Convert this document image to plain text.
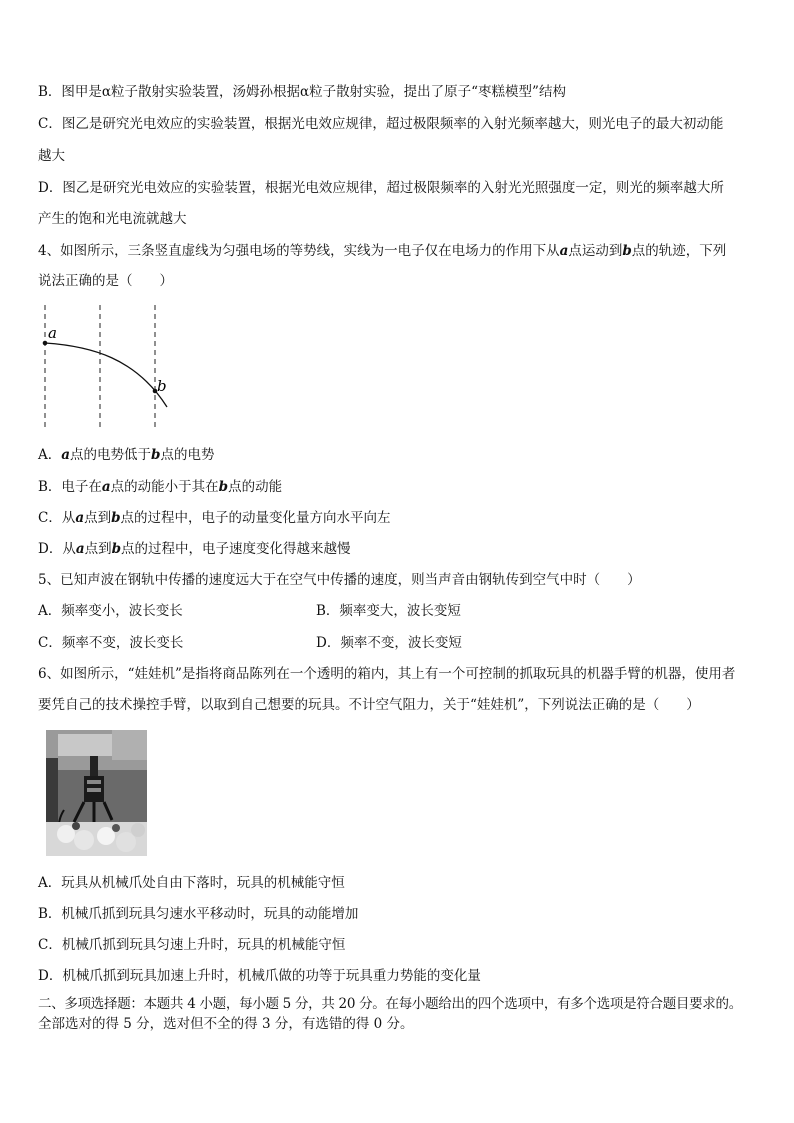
B．图甲是α粒子散射实验装置，汤姆孙根据α粒子散射实验，提出了原子“枣糕模型”结构
C．图乙是研究光电效应的实验装置，根据光电效应规律，超过极限频率的入射光频率越大，则光电子的最大初动能
越大
D．图乙是研究光电效应的实验装置，根据光电效应规律，超过极限频率的入射光光照强度一定，则光的频率越大所
产生的饱和光电流就越大
4、如图所示，三条竖直虚线为匀强电场的等势线，实线为一电子仅在电场力的作用下从a点运动到b点的轨迹，下列
说法正确的是（　　）
a
b
A．a点的电势低于b点的电势
B．电子在a点的动能小于其在b点的动能
C．从a点到b点的过程中，电子的动量变化量方向水平向左
D．从a点到b点的过程中，电子速度变化得越来越慢
5、已知声波在钢轨中传播的速度远大于在空气中传播的速度，则当声音由钢轨传到空气中时（　　）
A．频率变小，波长变长	B．频率变大，波长变短
C．频率不变，波长变长	D．频率不变，波长变短
6、如图所示，“娃娃机”是指将商品陈列在一个透明的箱内，其上有一个可控制的抓取玩具的机器手臂的机器，使用者
要凭自己的技术操控手臂，以取到自己想要的玩具。不计空气阻力，关于“娃娃机”，下列说法正确的是（　　）
A．玩具从机械爪处自由下落时，玩具的机械能守恒
B．机械爪抓到玩具匀速水平移动时，玩具的动能增加
C．机械爪抓到玩具匀速上升时，玩具的机械能守恒
D．机械爪抓到玩具加速上升时，机械爪做的功等于玩具重力势能的变化量
二、多项选择题：本题共 4 小题，每小题 5 分，共 20 分。在每小题给出的四个选项中，有多个选项是符合题目要求的。
全部选对的得 5 分，选对但不全的得 3 分，有选错的得 0 分。
